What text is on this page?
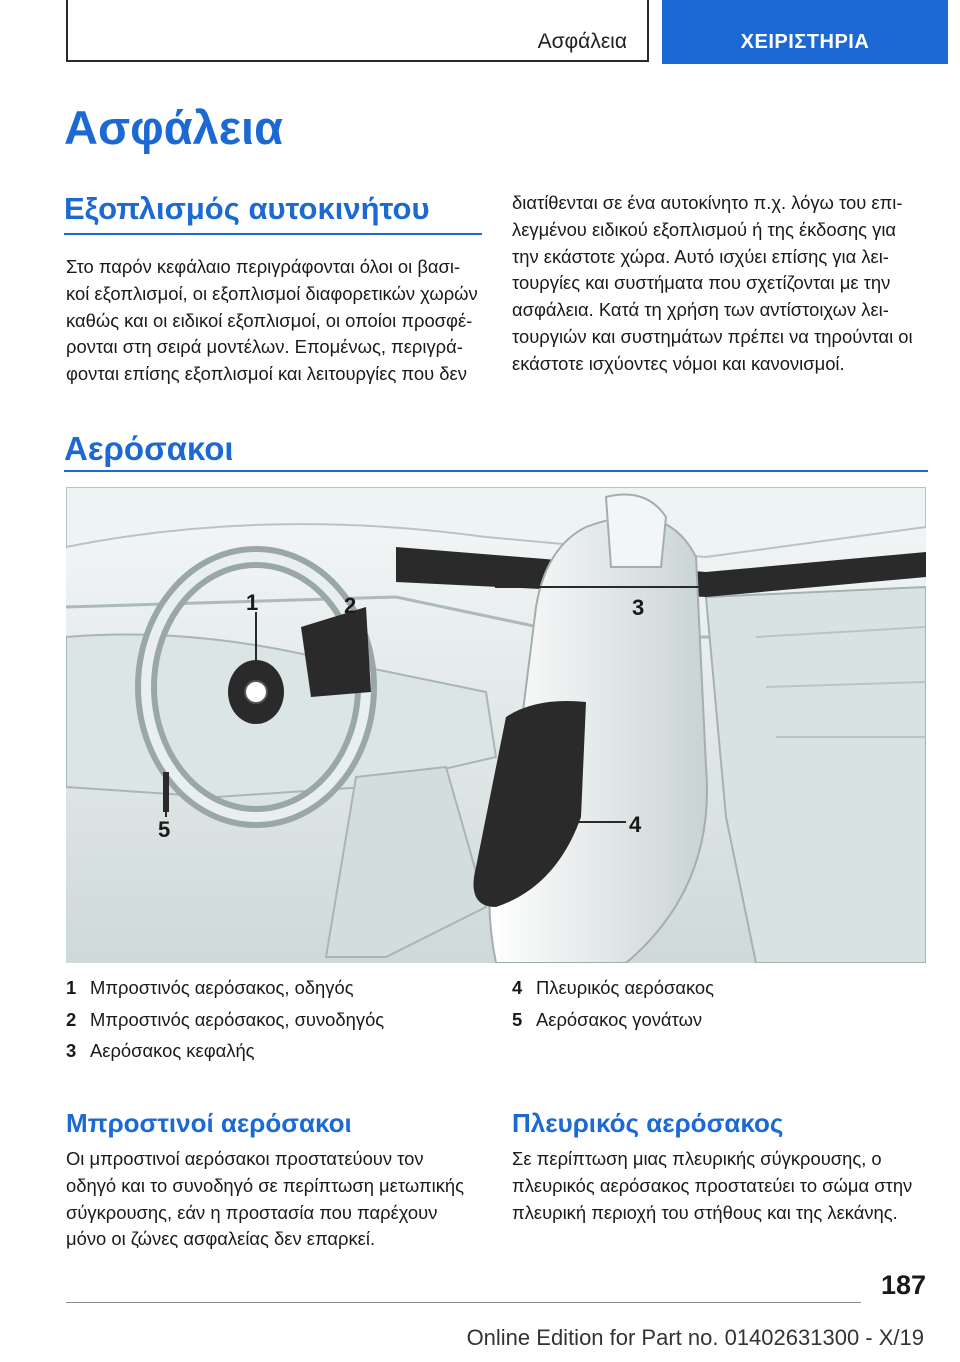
Ασφάλεια	ΧΕΙΡΙΣΤΗΡΙΑ
Ασφάλεια
Εξοπλισμός αυτοκινήτου
Στο παρόν κεφάλαιο περιγράφονται όλοι οι βασι-
κοί εξοπλισμοί, οι εξοπλισμοί διαφορετικών χωρών
καθώς και οι ειδικοί εξοπλισμοί, οι οποίοι προσφέ-
ρονται στη σειρά μοντέλων. Επομένως, περιγρά-
φονται επίσης εξοπλισμοί και λειτουργίες που δεν
διατίθενται σε ένα αυτοκίνητο π.χ. λόγω του επι-
λεγμένου ειδικού εξοπλισμού ή της έκδοσης για
την εκάστοτε χώρα. Αυτό ισχύει επίσης για λει-
τουργίες και συστήματα που σχετίζονται με την
ασφάλεια. Κατά τη χρήση των αντίστοιχων λει-
τουργιών και συστημάτων πρέπει να τηρούνται οι
εκάστοτε ισχύοντες νόμοι και κανονισμοί.
Αερόσακοι
1	2	3
4
5
1 Μπροστινός αερόσακος, οδηγός
2 Μπροστινός αερόσακος, συνοδηγός
3 Αερόσακος κεφαλής
4 Πλευρικός αερόσακος
5 Αερόσακος γονάτων
Μπροστινοί αερόσακοι
Οι μπροστινοί αερόσακοι προστατεύουν τον
οδηγό και το συνοδηγό σε περίπτωση μετωπικής
σύγκρουσης, εάν η προστασία που παρέχουν
μόνο οι ζώνες ασφαλείας δεν επαρκεί.
Πλευρικός αερόσακος
Σε περίπτωση μιας πλευρικής σύγκρουσης, ο
πλευρικός αερόσακος προστατεύει το σώμα στην
πλευρική περιοχή του στήθους και της λεκάνης.
187
Online Edition for Part no. 01402631300 - X/19
